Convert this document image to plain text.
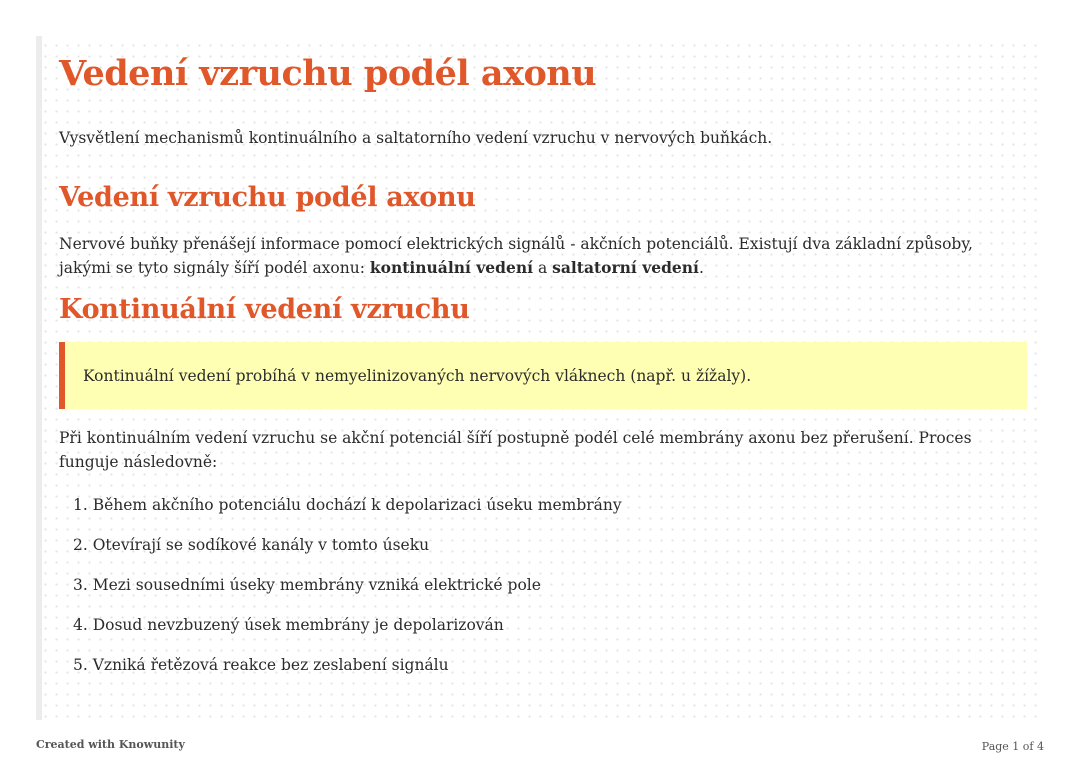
Vedení vzruchu podél axonu

Vysvětlení mechanismů kontinuálního a saltatorního vedení vzruchu v nervových buňkách.

Vedení vzruchu podél axonu

Nervové buňky přenášejí informace pomocí elektrických signálů - akčních potenciálů. Existují dva základní způsoby, jakými se tyto signály šíří podél axonu: kontinuální vedení a saltatorní vedení.

Kontinuální vedení vzruchu
Kontinuální vedení probíhá v nemyelinizovaných nervových vláknech (např. u žížaly).

Při kontinuálním vedení vzruchu se akční potenciál šíří postupně podél celé membrány axonu bez přerušení. Proces funguje následovně:

1. Během akčního potenciálu dochází k depolarizaci úseku membrány
2. Otevírají se sodíkové kanály v tomto úseku
3. Mezi sousedními úseky membrány vzniká elektrické pole
4. Dosud nevzbuzený úsek membrány je depolarizován
5. Vzniká řetězová reakce bez zeslabení signálu
Created with Knowunity	Page 1 of 4
